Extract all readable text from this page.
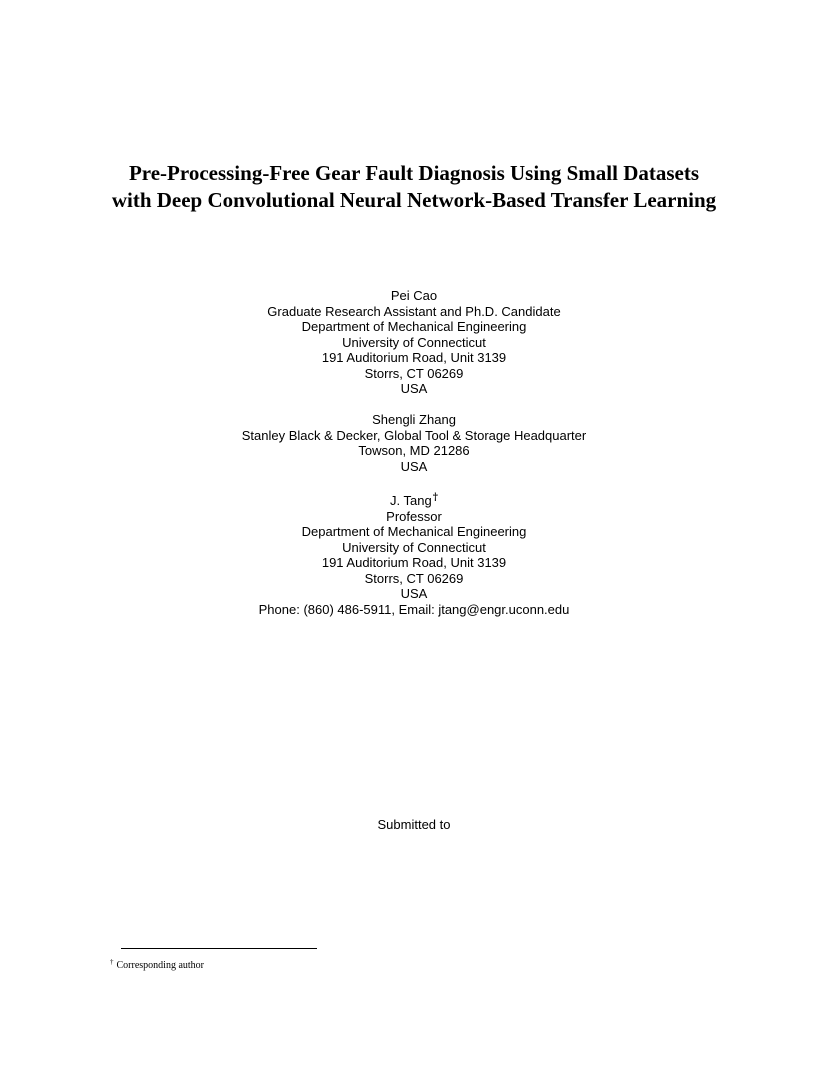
Pre-Processing-Free Gear Fault Diagnosis Using Small Datasets
with Deep Convolutional Neural Network-Based Transfer Learning
Pei Cao
Graduate Research Assistant and Ph.D. Candidate
Department of Mechanical Engineering
University of Connecticut
191 Auditorium Road, Unit 3139
Storrs, CT 06269
USA
Shengli Zhang
Stanley Black & Decker, Global Tool & Storage Headquarter
Towson, MD 21286
USA
J. Tang†
Professor
Department of Mechanical Engineering
University of Connecticut
191 Auditorium Road, Unit 3139
Storrs, CT 06269
USA
Phone: (860) 486-5911, Email: jtang@engr.uconn.edu
Submitted to
† Corresponding author
